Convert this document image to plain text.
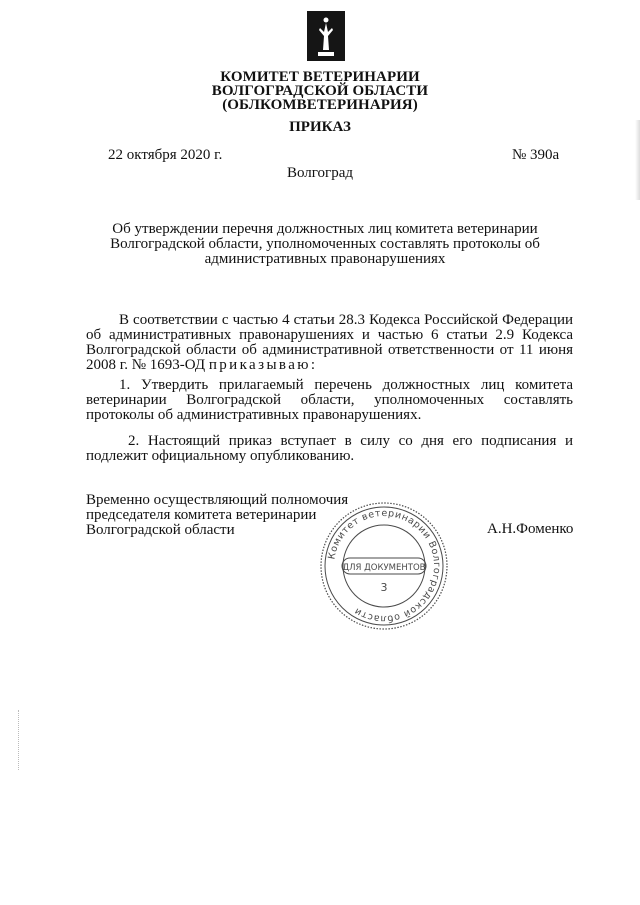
КОМИТЕТ ВЕТЕРИНАРИИ
ВОЛГОГРАДСКОЙ ОБЛАСТИ
(ОБЛКОМВЕТЕРИНАРИЯ)
ПРИКАЗ
22 октября 2020 г.	№ 390а
Волгоград
Об утверждении перечня должностных лиц комитета ветеринарии
Волгоградской области, уполномоченных составлять протоколы об
административных правонарушениях
В соответствии с частью 4 статьи 28.3 Кодекса Российской Федерации об административных правонарушениях и частью 6 статьи 2.9 Кодекса Волгоградской области об административной ответственности от 11 июня 2008 г. № 1693-ОД приказываю:
1. Утвердить прилагаемый перечень должностных лиц комитета ветеринарии Волгоградской области, уполномоченных составлять протоколы об административных правонарушениях.
2. Настоящий приказ вступает в силу со дня его подписания и подлежит официальному опубликованию.
Временно осуществляющий полномочия
председателя комитета ветеринарии
Волгоградской области	А.Н.Фоменко
Комитет ветеринарии Волгоградской области
ДЛЯ ДОКУМЕНТОВ
3
